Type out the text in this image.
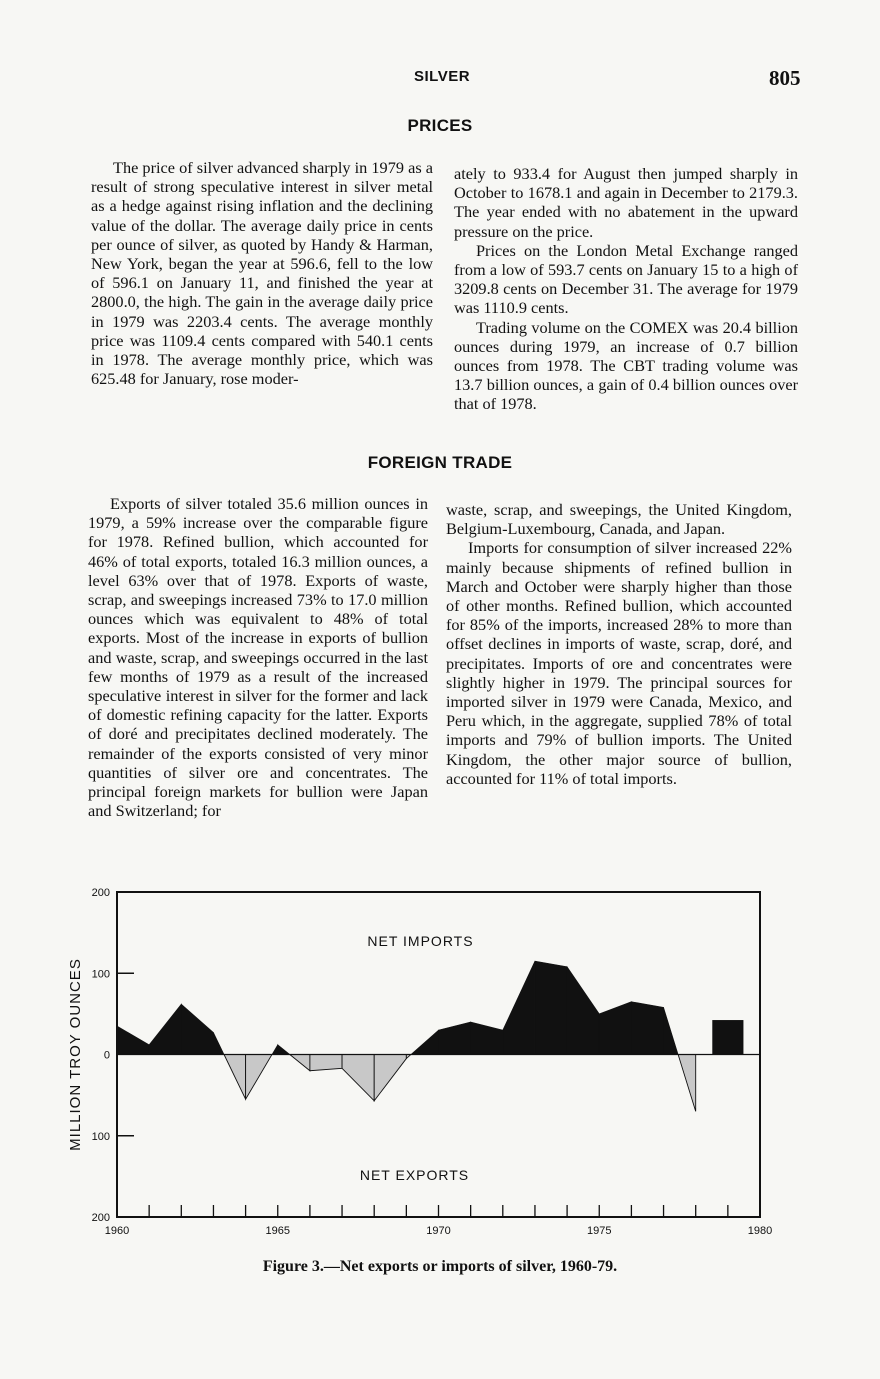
SILVER	805
PRICES

The price of silver advanced sharply in 1979 as a result of strong speculative interest in silver metal as a hedge against rising inflation and the declining value of the dollar. The average daily price in cents per ounce of silver, as quoted by Handy & Harman, New York, began the year at 596.6, fell to the low of 596.1 on January 11, and finished the year at 2800.0, the high. The gain in the average daily price in 1979 was 2203.4 cents. The average monthly price was 1109.4 cents compared with 540.1 cents in 1978. The average monthly price, which was 625.48 for January, rose moder-

ately to 933.4 for August then jumped sharply in October to 1678.1 and again in December to 2179.3. The year ended with no abatement in the upward pressure on the price.

Prices on the London Metal Exchange ranged from a low of 593.7 cents on January 15 to a high of 3209.8 cents on December 31. The average for 1979 was 1110.9 cents.

Trading volume on the COMEX was 20.4 billion ounces during 1979, an increase of 0.7 billion ounces from 1978. The CBT trading volume was 13.7 billion ounces, a gain of 0.4 billion ounces over that of 1978.

FOREIGN TRADE

Exports of silver totaled 35.6 million ounces in 1979, a 59% increase over the comparable figure for 1978. Refined bullion, which accounted for 46% of total exports, totaled 16.3 million ounces, a level 63% over that of 1978. Exports of waste, scrap, and sweepings increased 73% to 17.0 million ounces which was equivalent to 48% of total exports. Most of the increase in exports of bullion and waste, scrap, and sweepings occurred in the last few months of 1979 as a result of the increased speculative interest in silver for the former and lack of domestic refining capacity for the latter. Exports of doré and precipitates declined moderately. The remainder of the exports consisted of very minor quantities of silver ore and concentrates. The principal foreign markets for bullion were Japan and Switzerland; for

waste, scrap, and sweepings, the United Kingdom, Belgium-Luxembourg, Canada, and Japan.

Imports for consumption of silver increased 22% mainly because shipments of refined bullion in March and October were sharply higher than those of other months. Refined bullion, which accounted for 85% of the imports, increased 28% to more than offset declines in imports of waste, scrap, doré, and precipitates. Imports of ore and concentrates were slightly higher in 1979. The principal sources for imported silver in 1979 were Canada, Mexico, and Peru which, in the aggregate, supplied 78% of total imports and 79% of bullion imports. The United Kingdom, the other major source of bullion, accounted for 11% of total imports.

200
100
0
100
200
1960	1965	1970	1975	1980
NET IMPORTS
NET EXPORTS
MILLION TROY OUNCES
Figure 3.—Net exports or imports of silver, 1960-79.
